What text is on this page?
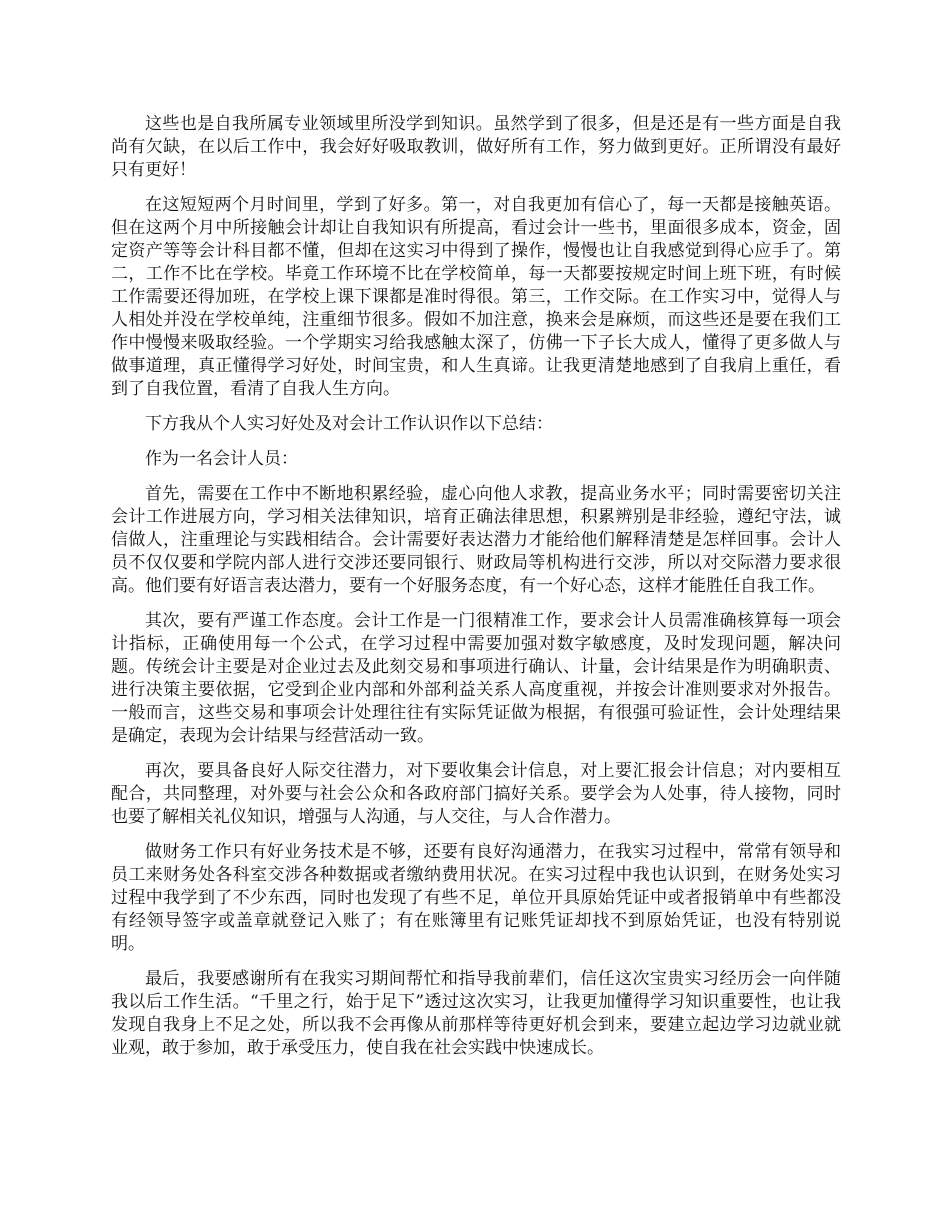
这些也是自我所属专业领域里所没学到知识。虽然学到了很多，但是还是有一些方面是自我尚有欠缺，在以后工作中，我会好好吸取教训，做好所有工作，努力做到更好。正所谓没有最好只有更好！

在这短短两个月时间里，学到了好多。第一，对自我更加有信心了，每一天都是接触英语。但在这两个月中所接触会计却让自我知识有所提高，看过会计一些书，里面很多成本，资金，固定资产等等会计科目都不懂，但却在这实习中得到了操作，慢慢也让自我感觉到得心应手了。第二，工作不比在学校。毕竟工作环境不比在学校简单，每一天都要按规定时间上班下班，有时候工作需要还得加班，在学校上课下课都是准时得很。第三，工作交际。在工作实习中，觉得人与人相处并没在学校单纯，注重细节很多。假如不加注意，换来会是麻烦，而这些还是要在我们工作中慢慢来吸取经验。一个学期实习给我感触太深了，仿佛一下子长大成人，懂得了更多做人与做事道理，真正懂得学习好处，时间宝贵，和人生真谛。让我更清楚地感到了自我肩上重任，看到了自我位置，看清了自我人生方向。

下方我从个人实习好处及对会计工作认识作以下总结：

作为一名会计人员：

首先，需要在工作中不断地积累经验，虚心向他人求教，提高业务水平；同时需要密切关注会计工作进展方向，学习相关法律知识，培育正确法律思想，积累辨别是非经验，遵纪守法，诚信做人，注重理论与实践相结合。会计需要好表达潜力才能给他们解释清楚是怎样回事。会计人员不仅仅要和学院内部人进行交涉还要同银行、财政局等机构进行交涉，所以对交际潜力要求很高。他们要有好语言表达潜力，要有一个好服务态度，有一个好心态，这样才能胜任自我工作。

其次，要有严谨工作态度。会计工作是一门很精准工作，要求会计人员需准确核算每一项会计指标，正确使用每一个公式，在学习过程中需要加强对数字敏感度，及时发现问题，解决问题。传统会计主要是对企业过去及此刻交易和事项进行确认、计量，会计结果是作为明确职责、进行决策主要依据，它受到企业内部和外部利益关系人高度重视，并按会计准则要求对外报告。一般而言，这些交易和事项会计处理往往有实际凭证做为根据，有很强可验证性，会计处理结果是确定，表现为会计结果与经营活动一致。

再次，要具备良好人际交往潜力，对下要收集会计信息，对上要汇报会计信息；对内要相互配合，共同整理，对外要与社会公众和各政府部门搞好关系。要学会为人处事，待人接物，同时也要了解相关礼仪知识，增强与人沟通，与人交往，与人合作潜力。

做财务工作只有好业务技术是不够，还要有良好沟通潜力，在我实习过程中，常常有领导和员工来财务处各科室交涉各种数据或者缴纳费用状况。在实习过程中我也认识到，在财务处实习过程中我学到了不少东西，同时也发现了有些不足，单位开具原始凭证中或者报销单中有些都没有经领导签字或盖章就登记入账了；有在账簿里有记账凭证却找不到原始凭证，也没有特别说明。

最后，我要感谢所有在我实习期间帮忙和指导我前辈们，信任这次宝贵实习经历会一向伴随我以后工作生活。“千里之行，始于足下”透过这次实习，让我更加懂得学习知识重要性，也让我发现自我身上不足之处，所以我不会再像从前那样等待更好机会到来，要建立起边学习边就业就业观，敢于参加，敢于承受压力，使自我在社会实践中快速成长。
